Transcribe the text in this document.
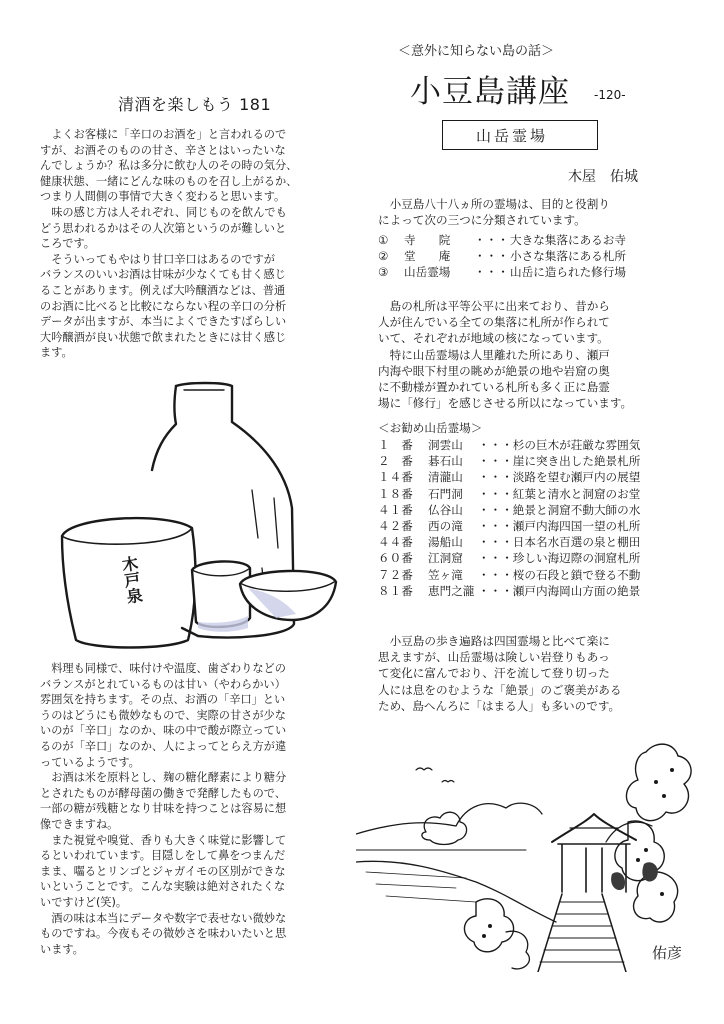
清酒を楽しもう 181

　よくお客様に「辛口のお酒を」と言われるので
すが、お酒そのものの甘さ、辛さとはいったいな
んでしょうか？私は多分に飲む人のその時の気分、
健康状態、一緒にどんな味のものを召し上がるか、
つまり人間側の事情で大きく変わると思います。
　味の感じ方は人それぞれ、同じものを飲んでも
どう思われるかはその人次第というのが難しいと
ころです。
　そういってもやはり甘口辛口はあるのですが
バランスのいいお酒は甘味が少なくても甘く感じ
ることがあります。例えば大吟醸酒などは、普通
のお酒に比べると比較にならない程の辛口の分析
データが出ますが、本当によくできたすばらしい
大吟醸酒が良い状態で飲まれたときには甘く感じ
ます。

木戸泉

　料理も同様で、味付けや温度、歯ざわりなどの
バランスがとれているものは甘い（やわらかい）
雰囲気を持ちます。その点、お酒の「辛口」とい
うのはどうにも微妙なもので、実際の甘さが少な
いのが「辛口」なのか、味の中で酸が際立ってい
るのが「辛口」なのか、人によってとらえ方が違
っているようです。
　お酒は米を原料とし、麹の糖化酵素により糖分
とされたものが酵母菌の働きで発酵したもので、
一部の糖が残糖となり甘味を持つことは容易に想
像できますね。
　また視覚や嗅覚、香りも大きく味覚に影響して
るといわれています。目隠しをして鼻をつまんだ
まま、囓るとリンゴとジャガイモの区別ができな
いということです。こんな実験は絶対されたくな
いですけど(笑)。
　酒の味は本当にデータや数字で表せない微妙な
ものですね。今夜もその微妙さを味わいたいと思
います。

＜意外に知らない島の話＞
小豆島講座 -120-
山岳霊場
木屋　佑城

　小豆島八十八ヵ所の霊場は、目的と役割り
によって次の三つに分類されています。

①	寺　　院	・・・ 大きな集落にあるお寺
②	堂　　庵	・・・ 小さな集落にある札所
③	山岳霊場	・・・ 山岳に造られた修行場

　島の札所は平等公平に出来ており、昔から
人が住んでいる全ての集落に札所が作られて
いて、それぞれが地域の核になっています。
　特に山岳霊場は人里離れた所にあり、瀬戸
内海や眼下村里の眺めが絶景の地や岩窟の奥
に不動様が置かれている札所も多く正に島霊
場に「修行」を感じさせる所以になっています。

＜お勧め山岳霊場＞
１　番	洞雲山	・・・杉の巨木が荘厳な雰囲気
２　番	碁石山	・・・崖に突き出した絶景札所
１４番	清瀧山	・・・淡路を望む瀬戸内の展望
１８番	石門洞	・・・紅葉と清水と洞窟のお堂
４１番	仏谷山	・・・絶景と洞窟不動大師の水
４２番	西の滝	・・・瀬戸内海四国一望の札所
４４番	湯船山	・・・日本名水百選の泉と棚田
６０番	江洞窟	・・・珍しい海辺際の洞窟札所
７２番	笠ヶ滝	・・・桜の石段と鎖で登る不動
８１番	恵門之瀧 ・・・瀬戸内海岡山方面の絶景

　小豆島の歩き遍路は四国霊場と比べて楽に
思えますが、山岳霊場は険しい岩登りもあっ
て変化に富んでおり、汗を流して登り切った
人には息をのむような「絶景」のご褒美がある
ため、島へんろに「はまる人」も多いのです。

佑彦
